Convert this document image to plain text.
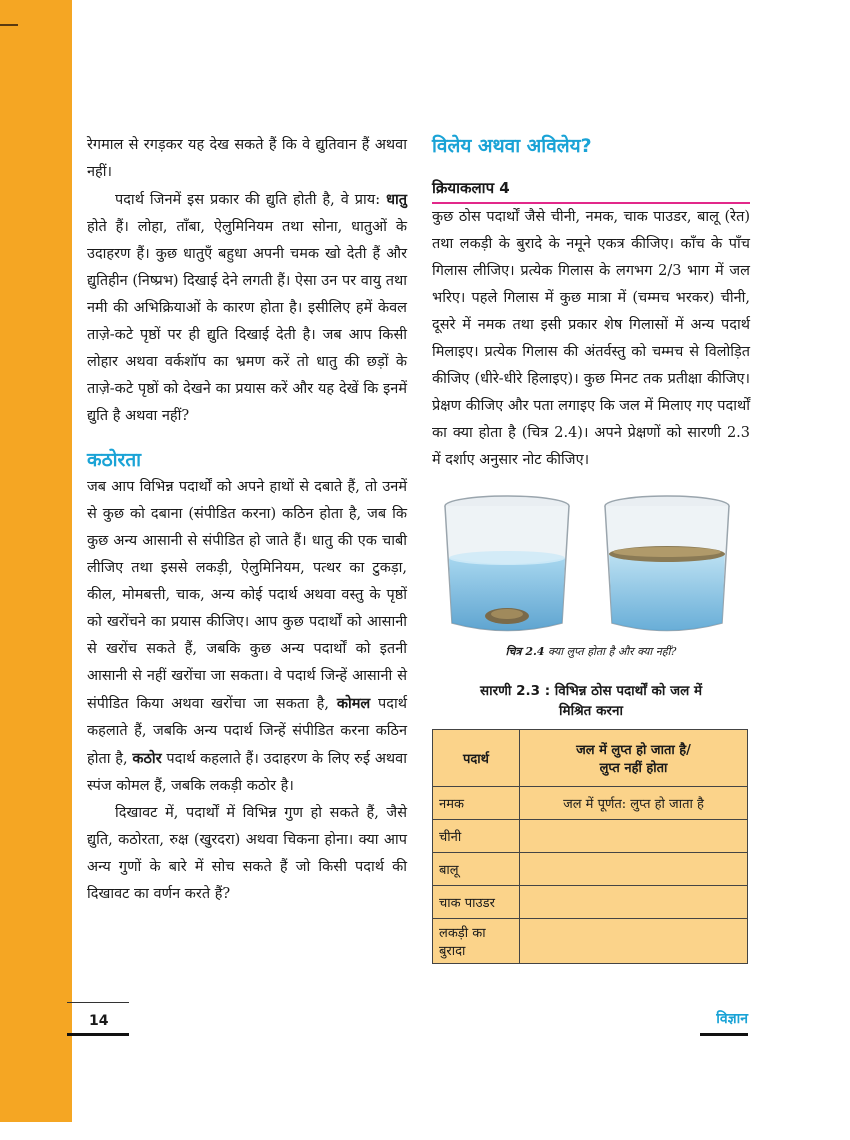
रेगमाल से रगड़कर यह देख सकते हैं कि वे द्युतिवान हैं अथवा नहीं।

पदार्थ जिनमें इस प्रकार की द्युति होती है, वे प्राय: धातु होते हैं। लोहा, ताँबा, ऐलुमिनियम तथा सोना, धातुओं के उदाहरण हैं। कुछ धातुएँ बहुधा अपनी चमक खो देती हैं और द्युतिहीन (निष्प्रभ) दिखाई देने लगती हैं। ऐसा उन पर वायु तथा नमी की अभिक्रियाओं के कारण होता है। इसीलिए हमें केवल ताज़े-कटे पृष्ठों पर ही द्युति दिखाई देती है। जब आप किसी लोहार अथवा वर्कशॉप का भ्रमण करें तो धातु की छड़ों के ताज़े-कटे पृष्ठों को देखने का प्रयास करें और यह देखें कि इनमें द्युति है अथवा नहीं?

कठोरता

जब आप विभिन्न पदार्थों को अपने हाथों से दबाते हैं, तो उनमें से कुछ को दबाना (संपीडित करना) कठिन होता है, जब कि कुछ अन्य आसानी से संपीडित हो जाते हैं। धातु की एक चाबी लीजिए तथा इससे लकड़ी, ऐलुमिनियम, पत्थर का टुकड़ा, कील, मोमबत्ती, चाक, अन्य कोई पदार्थ अथवा वस्तु के पृष्ठों को खरोंचने का प्रयास कीजिए। आप कुछ पदार्थों को आसानी से खरोंच सकते हैं, जबकि कुछ अन्य पदार्थों को इतनी आसानी से नहीं खरोंचा जा सकता। वे पदार्थ जिन्हें आसानी से संपीडित किया अथवा खरोंचा जा सकता है, कोमल पदार्थ कहलाते हैं, जबकि अन्य पदार्थ जिन्हें संपीडित करना कठिन होता है, कठोर पदार्थ कहलाते हैं। उदाहरण के लिए रुई अथवा स्पंज कोमल हैं, जबकि लकड़ी कठोर है।

दिखावट में, पदार्थों में विभिन्न गुण हो सकते हैं, जैसे द्युति, कठोरता, रुक्ष (खुरदरा) अथवा चिकना होना। क्या आप अन्य गुणों के बारे में सोच सकते हैं जो किसी पदार्थ की दिखावट का वर्णन करते हैं?

विलेय अथवा अविलेय?
क्रियाकलाप 4

कुछ ठोस पदार्थों जैसे चीनी, नमक, चाक पाउडर, बालू (रेत) तथा लकड़ी के बुरादे के नमूने एकत्र कीजिए। काँच के पाँच गिलास लीजिए। प्रत्येक गिलास के लगभग 2/3 भाग में जल भरिए। पहले गिलास में कुछ मात्रा में (चम्मच भरकर) चीनी, दूसरे में नमक तथा इसी प्रकार शेष गिलासों में अन्य पदार्थ मिलाइए। प्रत्येक गिलास की अंतर्वस्तु को चम्मच से विलोड़ित कीजिए (धीरे-धीरे हिलाइए)। कुछ मिनट तक प्रतीक्षा कीजिए। प्रेक्षण कीजिए और पता लगाइए कि जल में मिलाए गए पदार्थों का क्या होता है (चित्र 2.4)। अपने प्रेक्षणों को सारणी 2.3 में दर्शाए अनुसार नोट कीजिए।

चित्र 2.4 क्या लुप्त होता है और क्या नहीं?
सारणी 2.3 : विभिन्न ठोस पदार्थों को जल में
मिश्रित करना
पदार्थ	जल में लुप्त हो जाता है/
लुप्त नहीं होता

नमक	जल में पूर्णत: लुप्त हो जाता है
चीनी	
बालू	
चाक पाउडर	
लकड़ी का बुरादा	
14	विज्ञान
